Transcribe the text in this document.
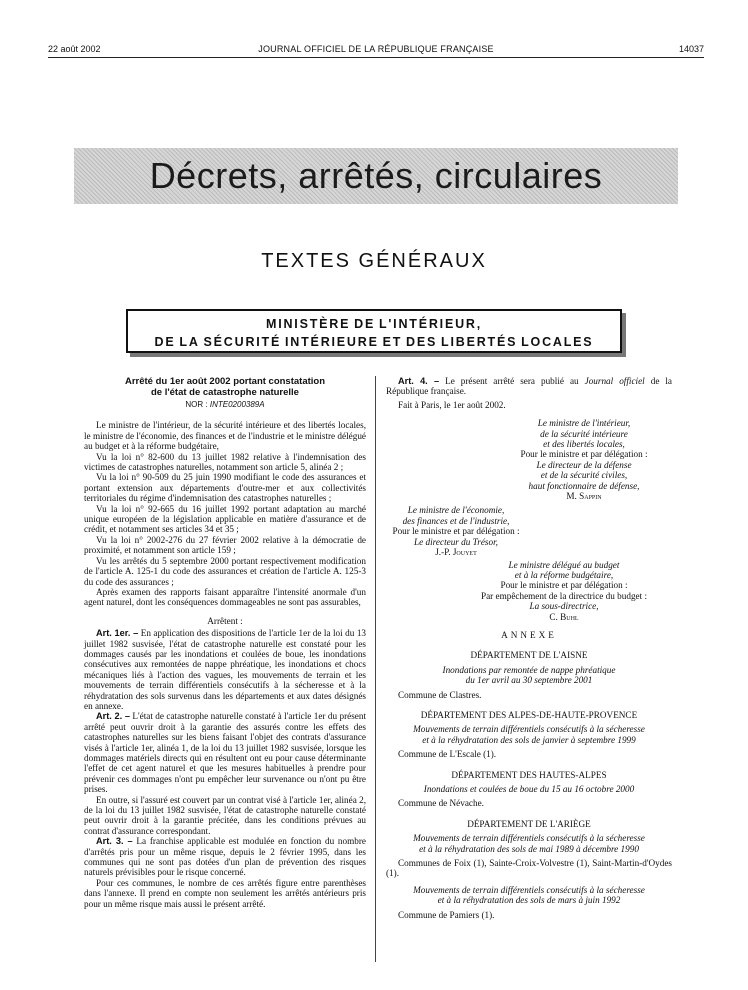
22 août 2002	JOURNAL OFFICIEL DE LA RÉPUBLIQUE FRANÇAISE	14037
Décrets, arrêtés, circulaires
TEXTES GÉNÉRAUX
MINISTÈRE DE L'INTÉRIEUR,
DE LA SÉCURITÉ INTÉRIEURE ET DES LIBERTÉS LOCALES
Arrêté du 1er août 2002 portant constatation
de l'état de catastrophe naturelle
NOR : INTE0200389A

Le ministre de l'intérieur, de la sécurité intérieure et des libertés locales, le ministre de l'économie, des finances et de l'industrie et le ministre délégué au budget et à la réforme budgétaire,

Vu la loi n° 82-600 du 13 juillet 1982 relative à l'indemnisation des victimes de catastrophes naturelles, notamment son article 5, alinéa 2 ;

Vu la loi n° 90-509 du 25 juin 1990 modifiant le code des assurances et portant extension aux départements d'outre-mer et aux collectivités territoriales du régime d'indemnisation des catastrophes naturelles ;

Vu la loi n° 92-665 du 16 juillet 1992 portant adaptation au marché unique européen de la législation applicable en matière d'assurance et de crédit, et notamment ses articles 34 et 35 ;

Vu la loi n° 2002-276 du 27 février 2002 relative à la démocratie de proximité, et notamment son article 159 ;

Vu les arrêtés du 5 septembre 2000 portant respectivement modification de l'article A. 125-1 du code des assurances et création de l'article A. 125-3 du code des assurances ;

Après examen des rapports faisant apparaître l'intensité anormale d'un agent naturel, dont les conséquences dommageables ne sont pas assurables,

Arrêtent :

Art. 1er. – En application des dispositions de l'article 1er de la loi du 13 juillet 1982 susvisée, l'état de catastrophe naturelle est constaté pour les dommages causés par les inondations et coulées de boue, les inondations consécutives aux remontées de nappe phréatique, les inondations et chocs mécaniques liés à l'action des vagues, les mouvements de terrain et les mouvements de terrain différentiels consécutifs à la sécheresse et à la réhydratation des sols survenus dans les départements et aux dates désignés en annexe.

Art. 2. – L'état de catastrophe naturelle constaté à l'article 1er du présent arrêté peut ouvrir droit à la garantie des assurés contre les effets des catastrophes naturelles sur les biens faisant l'objet des contrats d'assurance visés à l'article 1er, alinéa 1, de la loi du 13 juillet 1982 susvisée, lorsque les dommages matériels directs qui en résultent ont eu pour cause déterminante l'effet de cet agent naturel et que les mesures habituelles à prendre pour prévenir ces dommages n'ont pu empêcher leur survenance ou n'ont pu être prises.

En outre, si l'assuré est couvert par un contrat visé à l'article 1er, alinéa 2, de la loi du 13 juillet 1982 susvisée, l'état de catastrophe naturelle constaté peut ouvrir droit à la garantie précitée, dans les conditions prévues au contrat d'assurance correspondant.

Art. 3. – La franchise applicable est modulée en fonction du nombre d'arrêtés pris pour un même risque, depuis le 2 février 1995, dans les communes qui ne sont pas dotées d'un plan de prévention des risques naturels prévisibles pour le risque concerné.

Pour ces communes, le nombre de ces arrêtés figure entre parenthèses dans l'annexe. Il prend en compte non seulement les arrêtés antérieurs pris pour un même risque mais aussi le présent arrêté.

Art. 4. – Le présent arrêté sera publié au Journal officiel de la République française.

Fait à Paris, le 1er août 2002.

Le ministre de l'intérieur,
de la sécurité intérieure
et des libertés locales,
Pour le ministre et par délégation :
Le directeur de la défense
et de la sécurité civiles,
haut fonctionnaire de défense,
M. Sappin
Le ministre de l'économie,
des finances et de l'industrie,
Pour le ministre et par délégation :
Le directeur du Trésor,
J.-P. Jouyet
Le ministre délégué au budget
et à la réforme budgétaire,
Pour le ministre et par délégation :
Par empêchement de la directrice du budget :
La sous-directrice,
C. Buhl
ANNEXE
DÉPARTEMENT DE L'AISNE
Inondations par remontée de nappe phréatique
du 1er avril au 30 septembre 2001

Commune de Clastres.

DÉPARTEMENT DES ALPES-DE-HAUTE-PROVENCE
Mouvements de terrain différentiels consécutifs à la sécheresse
et à la réhydratation des sols de janvier à septembre 1999

Commune de L'Escale (1).

DÉPARTEMENT DES HAUTES-ALPES
Inondations et coulées de boue du 15 au 16 octobre 2000

Commune de Névache.

DÉPARTEMENT DE L'ARIÈGE
Mouvements de terrain différentiels consécutifs à la sécheresse
et à la réhydratation des sols de mai 1989 à décembre 1990

Communes de Foix (1), Sainte-Croix-Volvestre (1), Saint-Martin-d'Oydes (1).

Mouvements de terrain différentiels consécutifs à la sécheresse
et à la réhydratation des sols de mars à juin 1992

Commune de Pamiers (1).
